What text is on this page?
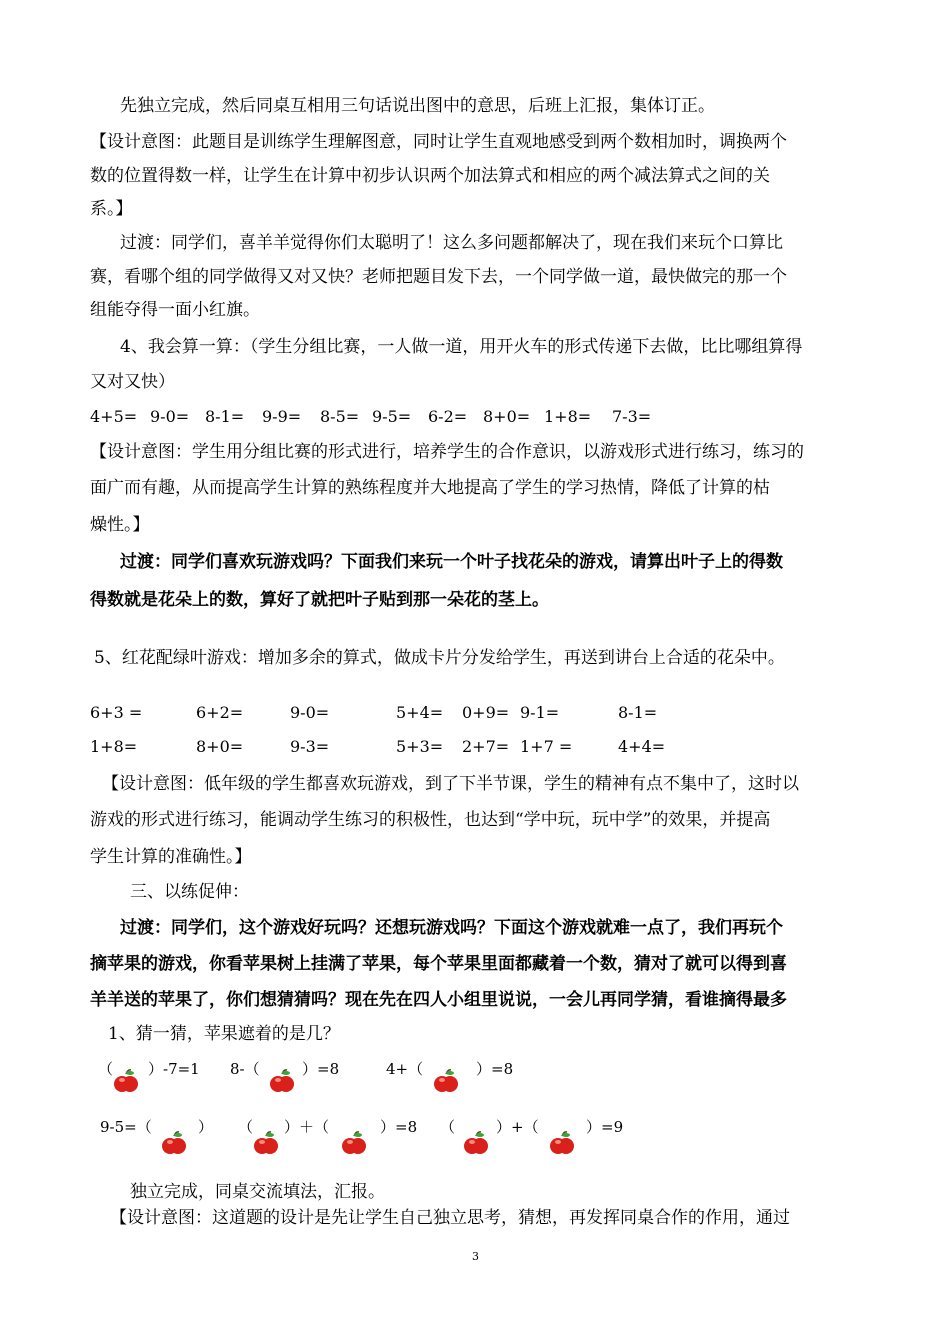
先独立完成，然后同桌互相用三句话说出图中的意思，后班上汇报，集体订正。
【设计意图：此题目是训练学生理解图意，同时让学生直观地感受到两个数相加时，调换两个
数的位置得数一样，让学生在计算中初步认识两个加法算式和相应的两个减法算式之间的关
系。】
过渡：同学们，喜羊羊觉得你们太聪明了！这么多问题都解决了，现在我们来玩个口算比
赛，看哪个组的同学做得又对又快？老师把题目发下去，一个同学做一道，最快做完的那一个
组能夺得一面小红旗。
4、我会算一算：（学生分组比赛，一人做一道，用开火车的形式传递下去做，比比哪组算得
又对又快）
4+5= 9-0= 8-1= 9-9= 8-5= 9-5= 6-2= 8+0= 1+8= 7-3=
【设计意图：学生用分组比赛的形式进行，培养学生的合作意识，以游戏形式进行练习，练习的
面广而有趣，从而提高学生计算的熟练程度并大地提高了学生的学习热情，降低了计算的枯
燥性。】
过渡：同学们喜欢玩游戏吗？下面我们来玩一个叶子找花朵的游戏，请算出叶子上的得数
得数就是花朵上的数，算好了就把叶子贴到那一朵花的茎上。
5、红花配绿叶游戏：增加多余的算式，做成卡片分发给学生，再送到讲台上合适的花朵中。
6+3 =	6+2=	9-0=	5+4= 0+9= 9-1=	8-1=
1+8=	8+0=	9-3=	5+3= 2+7= 1+7 =	4+4=
【设计意图：低年级的学生都喜欢玩游戏，到了下半节课，学生的精神有点不集中了，这时以
游戏的形式进行练习，能调动学生练习的积极性，也达到“学中玩，玩中学”的效果，并提高
学生计算的准确性。】
三、以练促伸：
过渡：同学们，这个游戏好玩吗？还想玩游戏吗？下面这个游戏就难一点了，我们再玩个
摘苹果的游戏，你看苹果树上挂满了苹果，每个苹果里面都藏着一个数，猜对了就可以得到喜
羊羊送的苹果了，你们想猜猜吗？现在先在四人小组里说说，一会儿再同学猜，看谁摘得最多
1、猜一猜，苹果遮着的是几？
（ ）-7=1 8-（	）=8	4+（	）=8
9-5=（	） （ ）＋（	）=8 （	）+（	）=9
独立完成，同桌交流填法，汇报。
【设计意图：这道题的设计是先让学生自己独立思考，猜想，再发挥同桌合作的作用，通过
3
